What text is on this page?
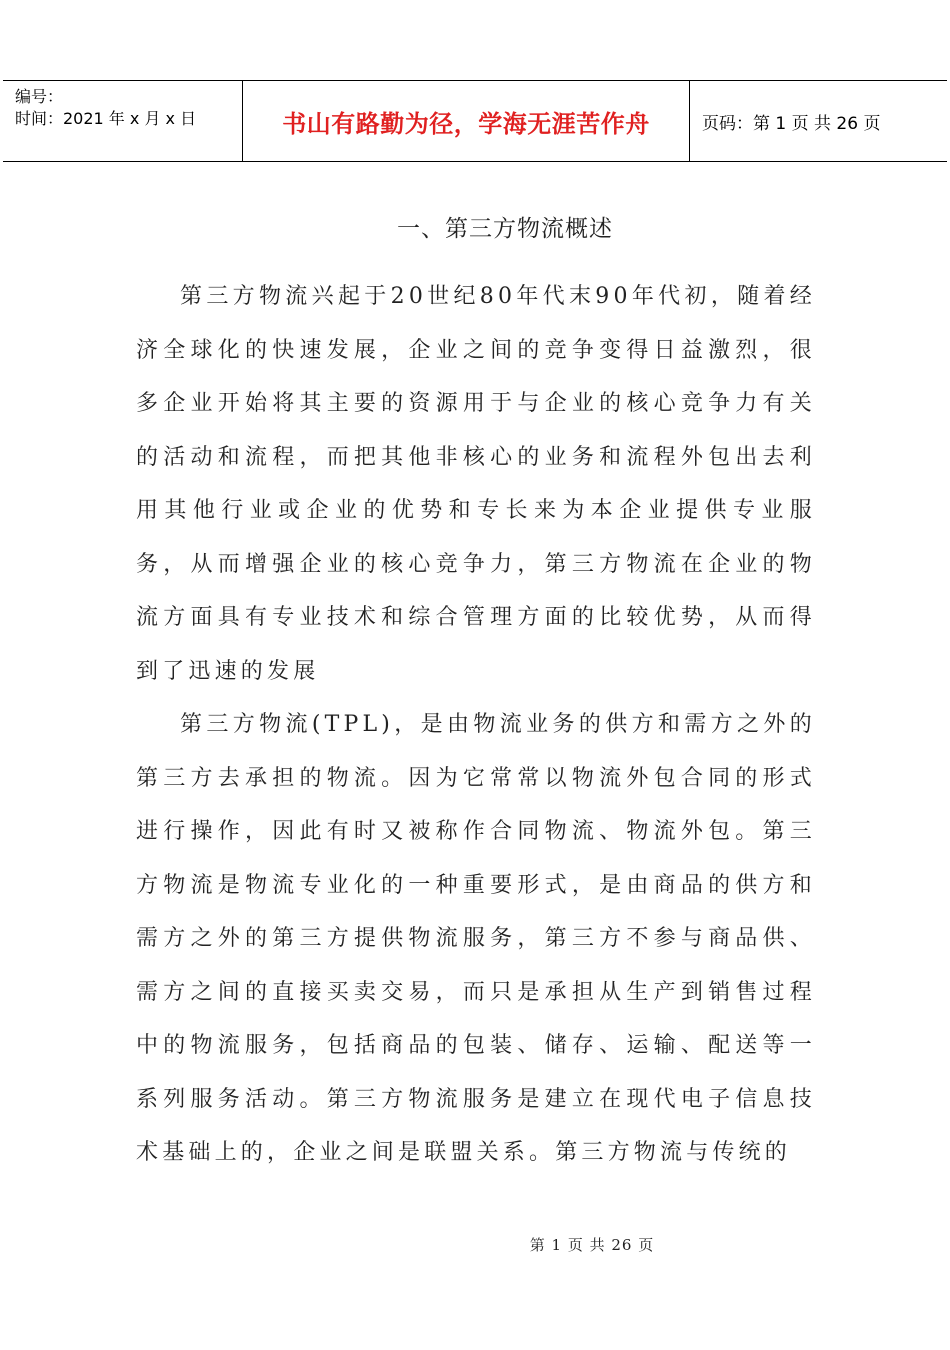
编号：
时间：2021 年 x 月 x 日	书山有路勤为径，学海无涯苦作舟	页码：第 1 页 共 26 页
一、第三方物流概述

第三方物流兴起于20世纪80年代末90年代初，随着经济全球化的快速发展，企业之间的竞争变得日益激烈，很多企业开始将其主要的资源用于与企业的核心竞争力有关的活动和流程，而把其他非核心的业务和流程外包出去利用其他行业或企业的优势和专长来为本企业提供专业服务，从而增强企业的核心竞争力，第三方物流在企业的物流方面具有专业技术和综合管理方面的比较优势，从而得到了迅速的发展

第三方物流(TPL)，是由物流业务的供方和需方之外的第三方去承担的物流。因为它常常以物流外包合同的形式进行操作，因此有时又被称作合同物流、物流外包。第三方物流是物流专业化的一种重要形式，是由商品的供方和需方之外的第三方提供物流服务，第三方不参与商品供、需方之间的直接买卖交易，而只是承担从生产到销售过程中的物流服务，包括商品的包装、储存、运输、配送等一系列服务活动。第三方物流服务是建立在现代电子信息技术基础上的，企业之间是联盟关系。第三方物流与传统的

第 1 页 共 26 页
